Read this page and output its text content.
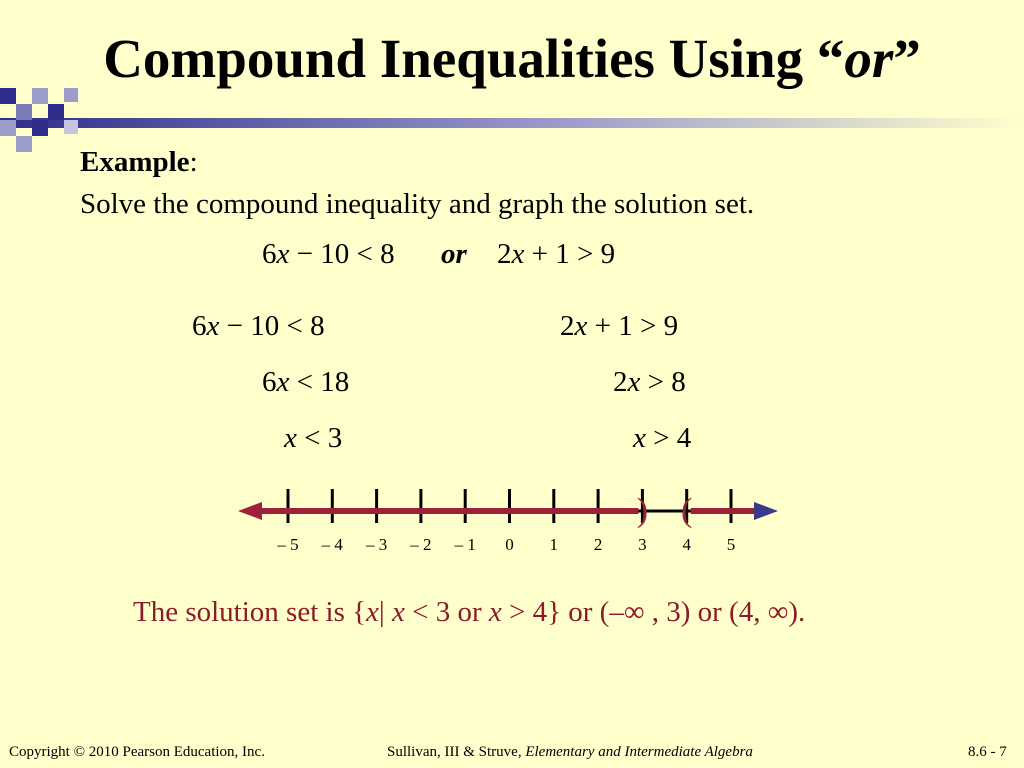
Compound Inequalities Using “or”
Example:
Solve the compound inequality and graph the solution set.
6x − 10 < 8 or 2x + 1 > 9
6x − 10 < 8
6x < 18
x < 3
2x + 1 > 9
2x > 8
x > 4
– 5 – 4 – 3 – 2 – 1 0 1 2 3 4 5
) (
The solution set is {x| x < 3 or x > 4} or (–∞ , 3) or (4, ∞).
Copyright © 2010 Pearson Education, Inc.	Sullivan, III & Struve, Elementary and Intermediate Algebra	8.6 - 7
